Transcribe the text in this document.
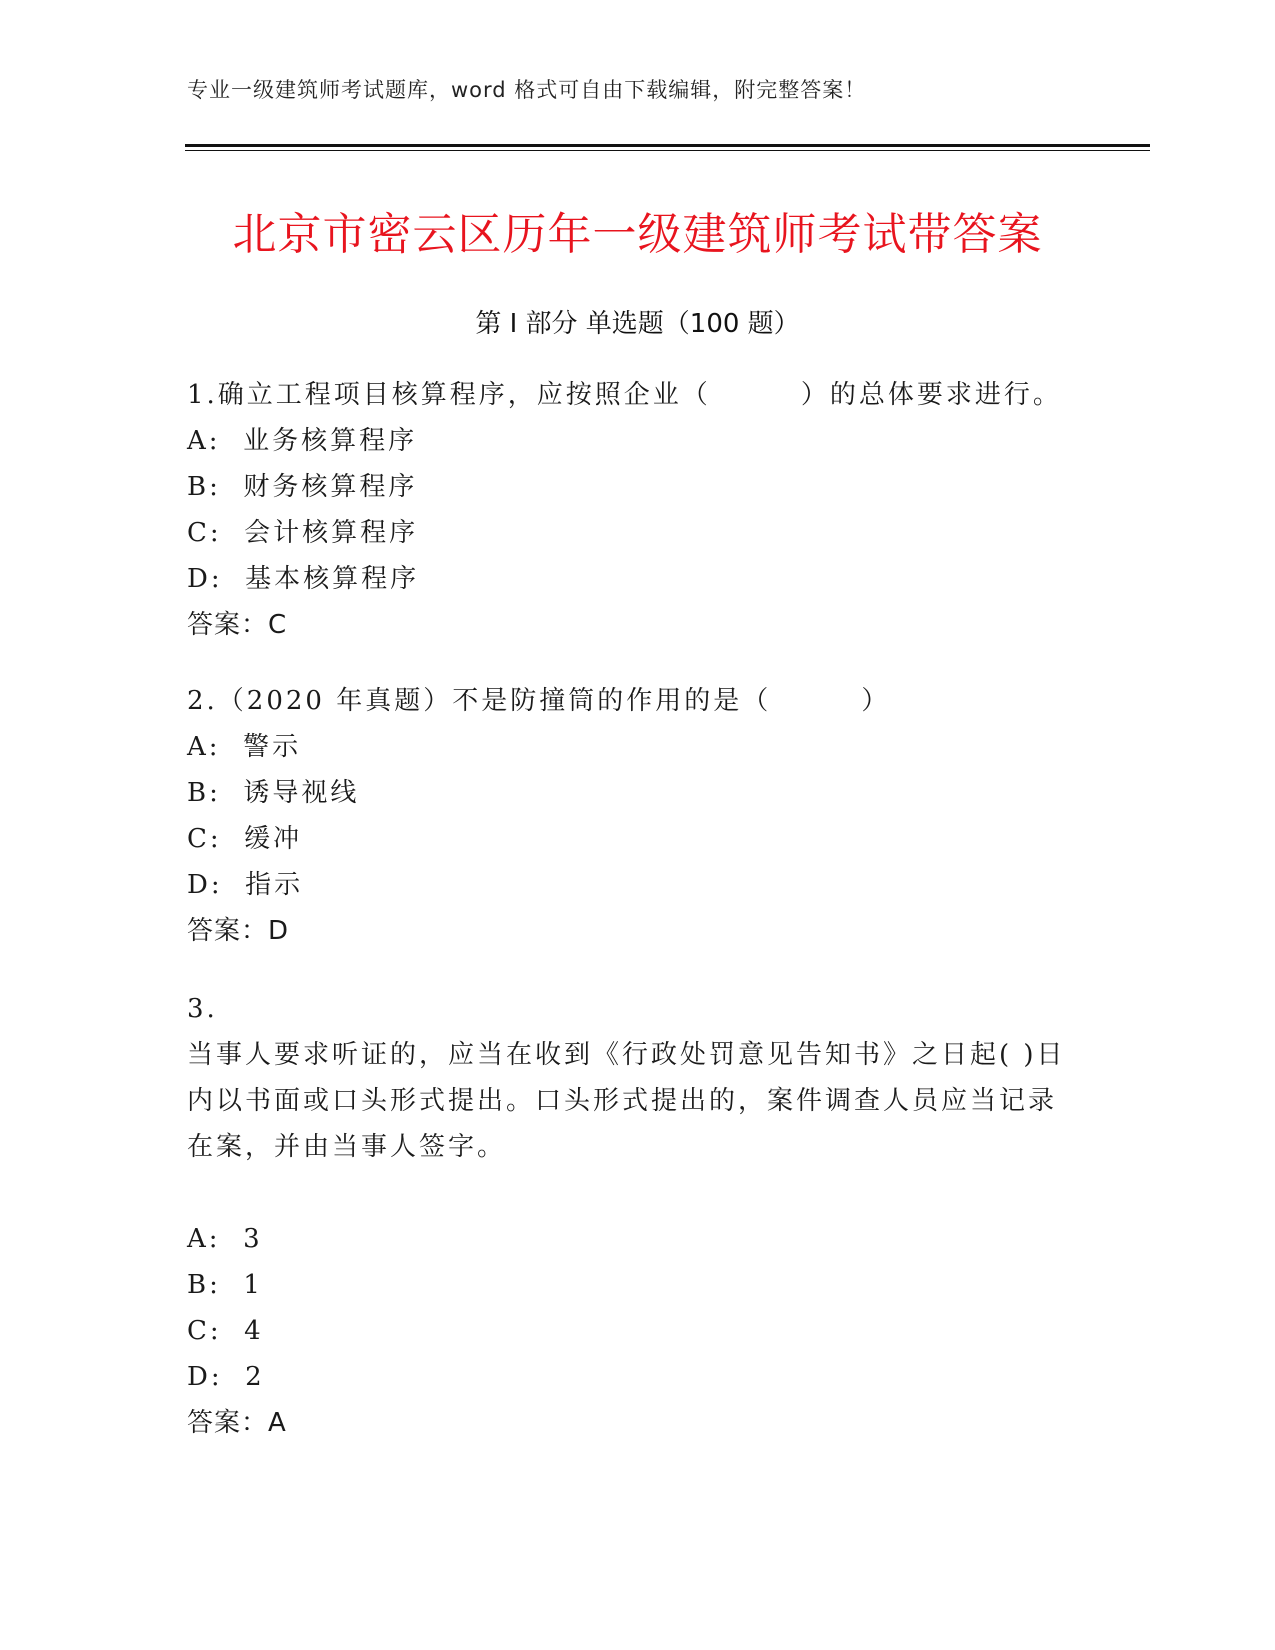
专业一级建筑师考试题库，word 格式可自由下载编辑，附完整答案！
北京市密云区历年一级建筑师考试带答案
第 I 部分 单选题（100 题）
1.确立工程项目核算程序，应按照企业（        ）的总体要求进行。
A:  业务核算程序
B:  财务核算程序
C:  会计核算程序
D:  基本核算程序
答案：C
2.（2020 年真题）不是防撞筒的作用的是（        ）
A:  警示
B:  诱导视线
C:  缓冲
D:  指示
答案：D
3.
当事人要求听证的，应当在收到《行政处罚意见告知书》之日起( )日内以书面或口头形式提出。口头形式提出的，案件调查人员应当记录在案，并由当事人签字。
A:  3
B:  1
C:  4
D:  2
答案：A
